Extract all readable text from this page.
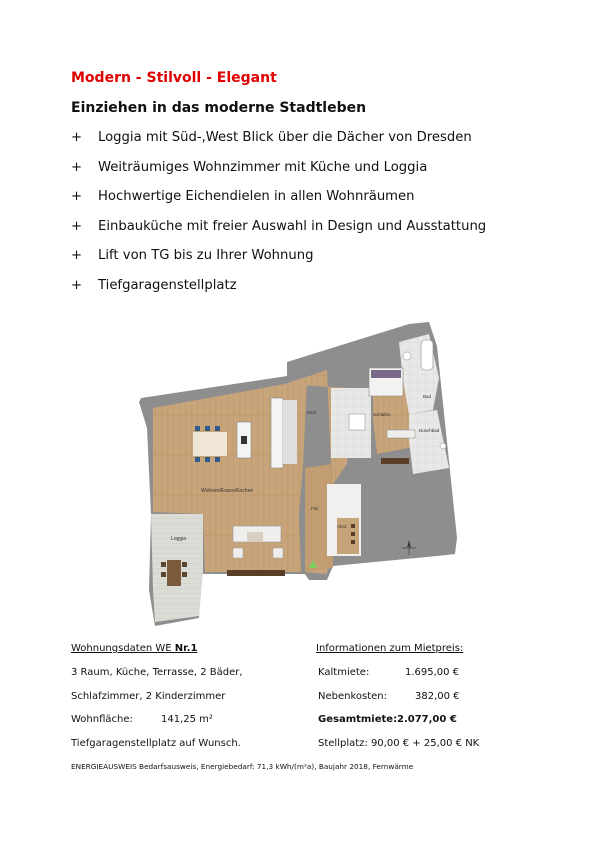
Modern - Stilvoll - Elegant
Einziehen in das moderne Stadtleben
+	Loggia mit Süd-,West Blick über die Dächer von Dresden
+	Weiträumiges Wohnzimmer mit Küche und Loggia
+	Hochwertige Eichendielen in allen Wohnräumen
+	Einbauküche mit freier Auswahl in Design und Ausstattung
+	Lift von TG bis zu Ihrer Wohnung
+	Tiefgaragenstellplatz
Wohnen/Essen/Kochen
Loggia
Schlafen
Duschbad
Bad
Kind
Flur
Abst.
Wohnungsdaten WE Nr.1
3 Raum, Küche, Terrasse, 2 Bäder,
Schlafzimmer, 2 Kinderzimmer
Wohnfläche:	141,25 m²
Tiefgaragenstellplatz auf Wunsch.
Informationen zum Mietpreis:
Kaltmiete:	1.695,00 €
Nebenkosten:	382,00 €
Gesamtmiete: 2.077,00 €
Stellplatz: 90,00 € + 25,00 € NK
ENERGIEAUSWEIS Bedarfsausweis, Energiebedarf: 71,3 kWh/(m²a), Baujahr 2018, Fernwärme
